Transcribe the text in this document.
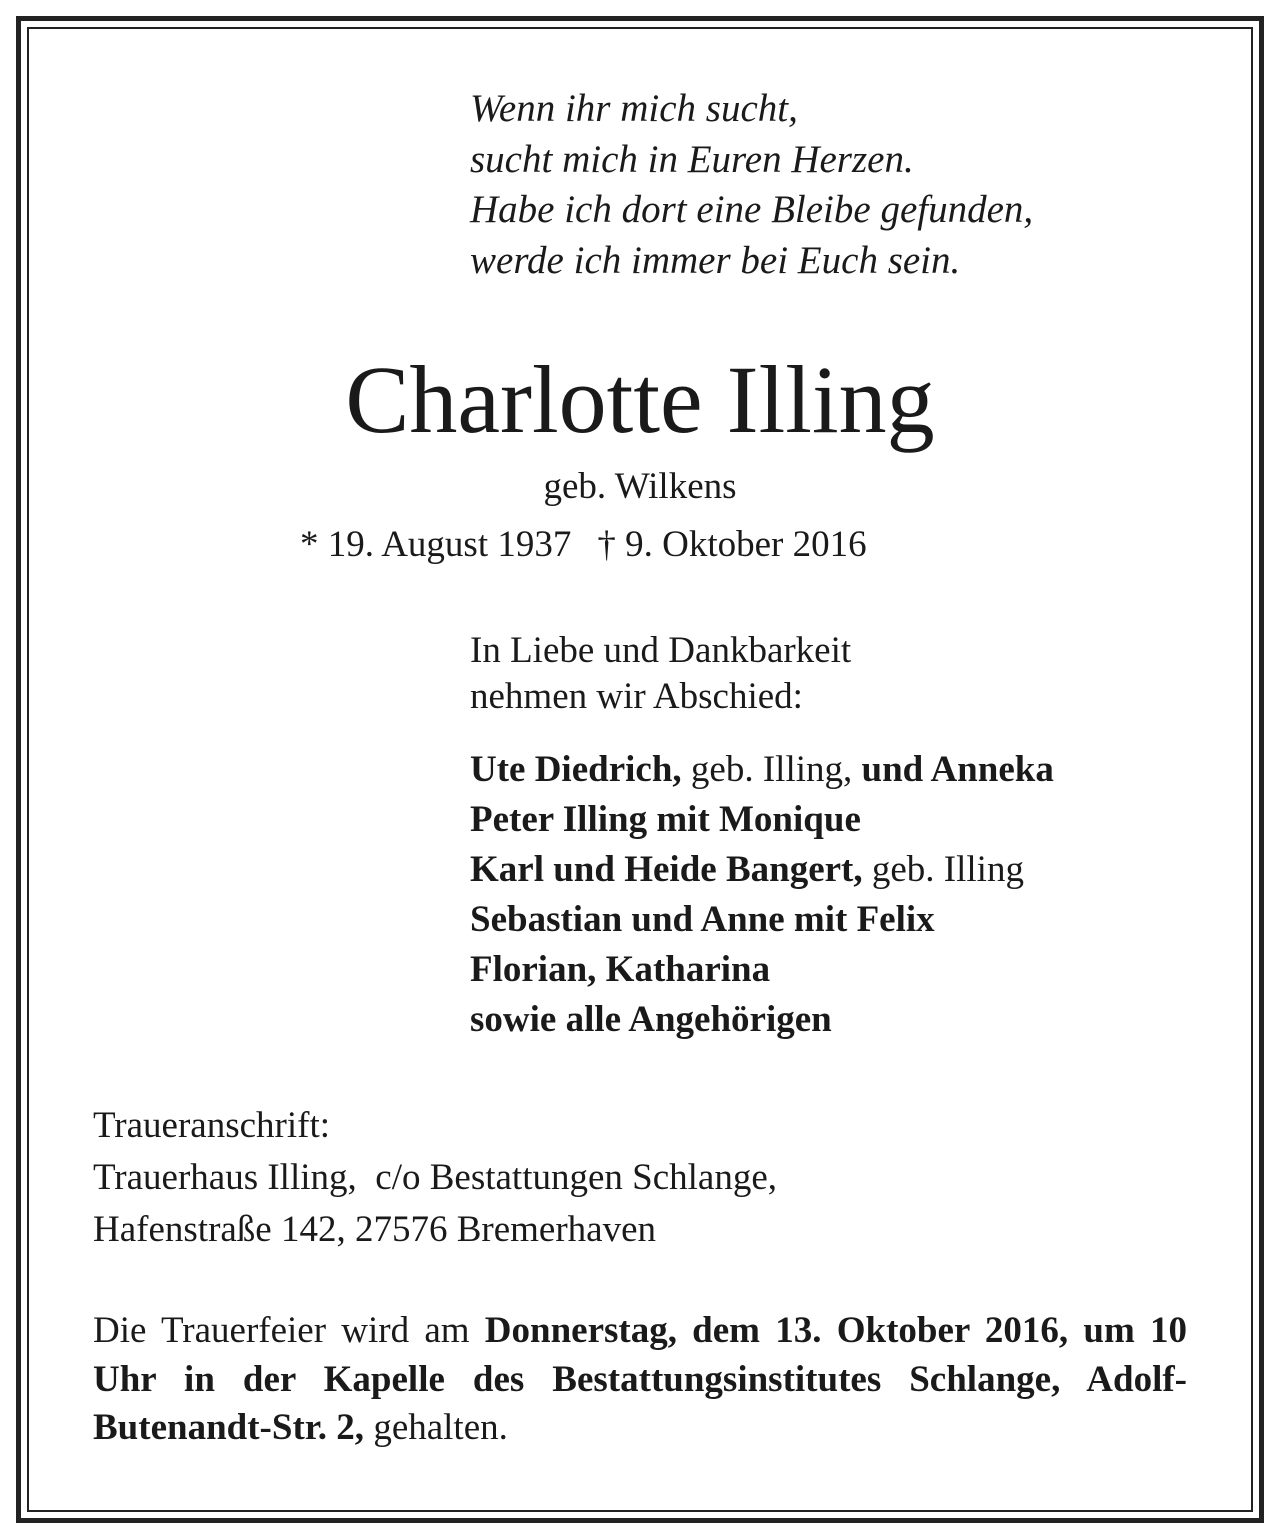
Wenn ihr mich sucht,
sucht mich in Euren Herzen.
Habe ich dort eine Bleibe gefunden,
werde ich immer bei Euch sein.
Charlotte Illing
geb. Wilkens
* 19. August 1937 † 9. Oktober 2016
In Liebe und Dankbarkeit
nehmen wir Abschied:
Ute Diedrich, geb. Illing, und Anneka
Peter Illing mit Monique
Karl und Heide Bangert, geb. Illing
Sebastian und Anne mit Felix
Florian, Katharina
sowie alle Angehörigen
Traueranschrift:
Trauerhaus Illing,  c/o Bestattungen Schlange,
Hafenstraße 142, 27576 Bremerhaven
Die Trauerfeier wird am Donnerstag, dem 13. Oktober 2016, um 10 Uhr in der Kapelle des Bestattungsinstitutes Schlange, Adolf-Butenandt-Str. 2, gehalten.
